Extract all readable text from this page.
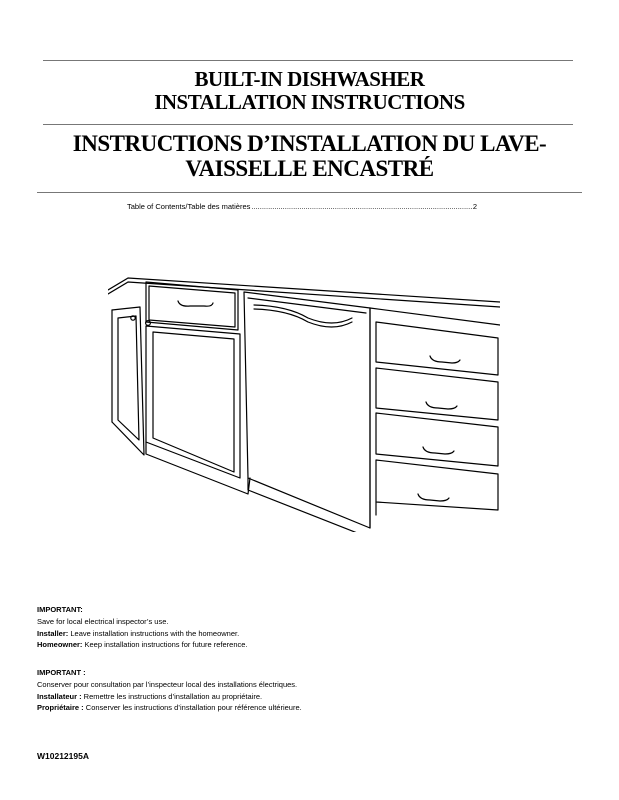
BUILT-IN DISHWASHER
INSTALLATION INSTRUCTIONS
INSTRUCTIONS D’INSTALLATION DU LAVE-
VAISSELLE ENCASTRÉ
Table of Contents/Table des matières
.....	2
IMPORTANT:
Save for local electrical inspector’s use.
Installer: Leave installation instructions with the homeowner.
Homeowner: Keep installation instructions for future reference.
IMPORTANT :
Conserver pour consultation par l’inspecteur local des installations électriques.
Installateur : Remettre les instructions d’installation au propriétaire.
Propriétaire : Conserver les instructions d’installation pour référence ultérieure.
W10212195A
